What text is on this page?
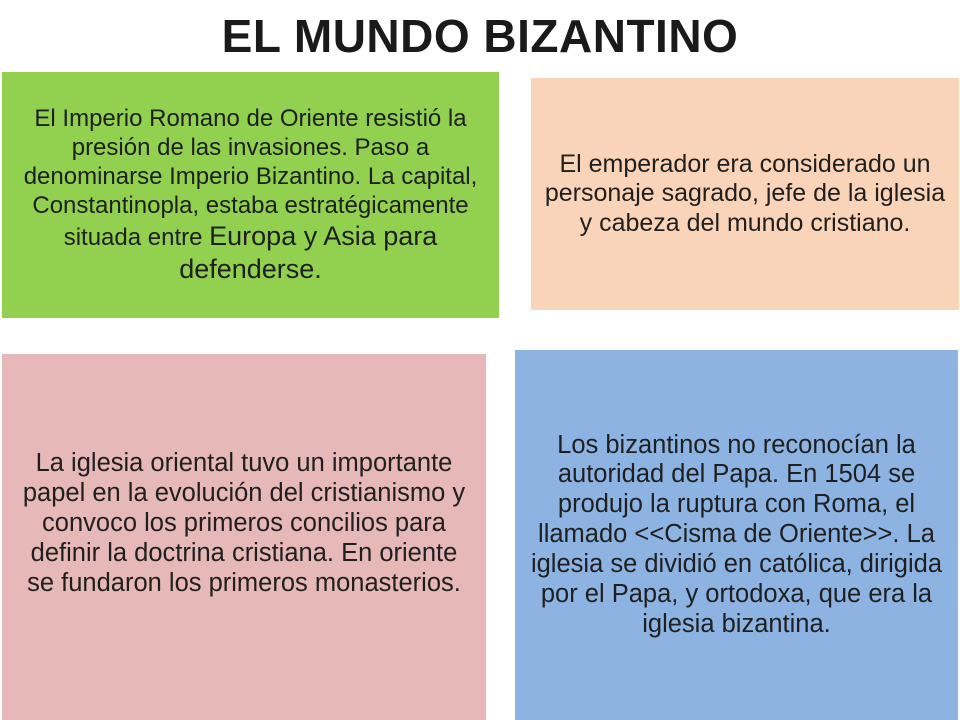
EL MUNDO BIZANTINO

El Imperio Romano de Oriente resistió la presión de las invasiones. Paso a denominarse Imperio Bizantino. La capital, Constantinopla, estaba estratégicamente situada entre Europa y Asia para defenderse.

El emperador era considerado un personaje sagrado, jefe de la iglesia y cabeza del mundo cristiano.

La iglesia oriental tuvo un importante papel en la evolución del cristianismo y convoco los primeros concilios para definir la doctrina cristiana. En oriente se fundaron los primeros monasterios.

Los bizantinos no reconocían la autoridad del Papa. En 1504 se produjo la ruptura con Roma, el llamado <<Cisma de Oriente>>. La iglesia se dividió en católica, dirigida por el Papa, y ortodoxa, que era la iglesia bizantina.
